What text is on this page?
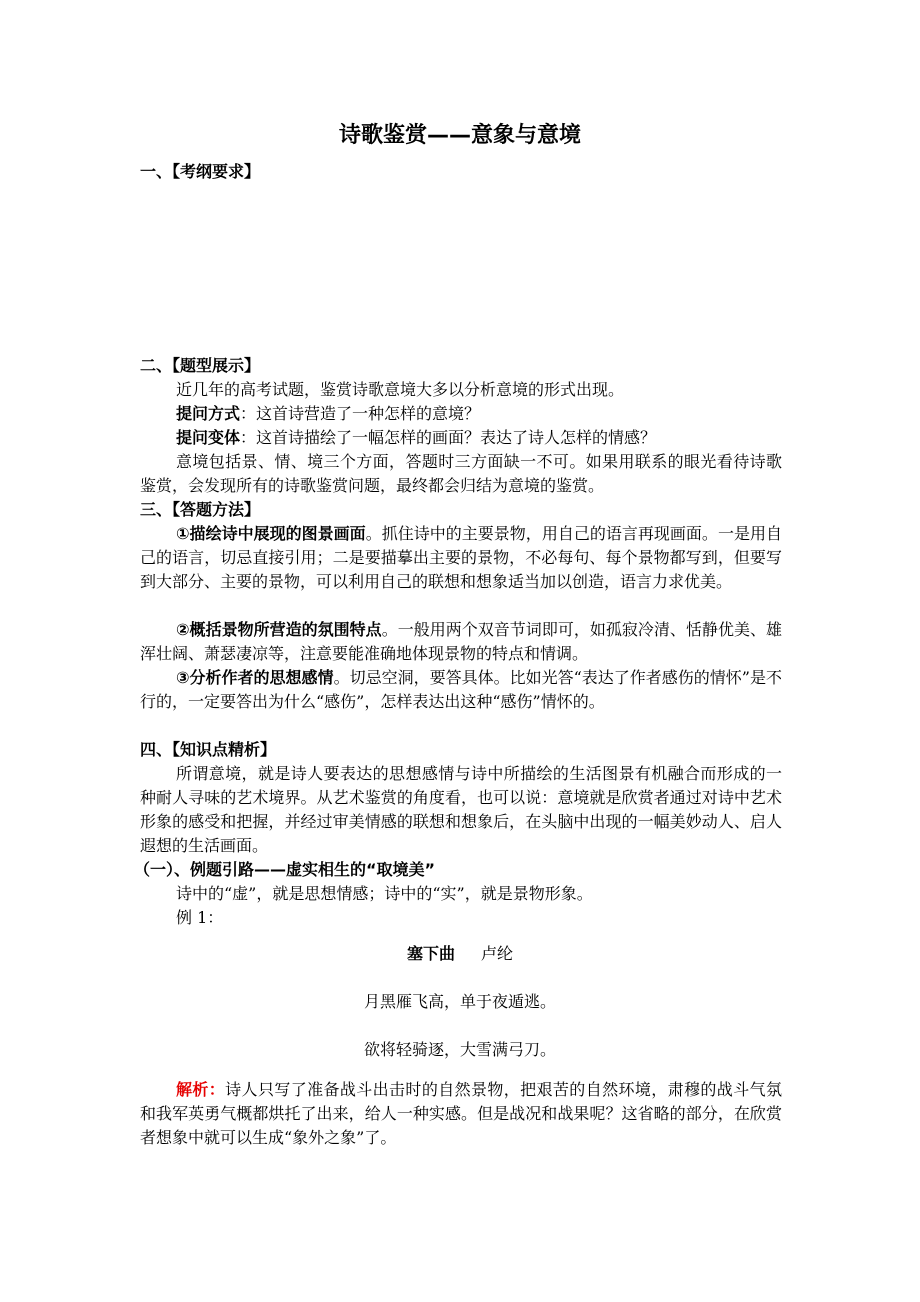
诗歌鉴赏——意象与意境
一、【考纲要求】
二、【题型展示】
近几年的高考试题，鉴赏诗歌意境大多以分析意境的形式出现。
提问方式：这首诗营造了一种怎样的意境？
提问变体：这首诗描绘了一幅怎样的画面？表达了诗人怎样的情感？
意境包括景、情、境三个方面，答题时三方面缺一不可。如果用联系的眼光看待诗歌鉴赏，会发现所有的诗歌鉴赏问题，最终都会归结为意境的鉴赏。
三、【答题方法】
①描绘诗中展现的图景画面。抓住诗中的主要景物，用自己的语言再现画面。一是用自己的语言，切忌直接引用；二是要描摹出主要的景物，不必每句、每个景物都写到，但要写到大部分、主要的景物，可以利用自己的联想和想象适当加以创造，语言力求优美。
②概括景物所营造的氛围特点。一般用两个双音节词即可，如孤寂冷清、恬静优美、雄浑壮阔、萧瑟凄凉等，注意要能准确地体现景物的特点和情调。
③分析作者的思想感情。切忌空洞，要答具体。比如光答“表达了作者感伤的情怀”是不行的，一定要答出为什么“感伤”，怎样表达出这种“感伤”情怀的。
四、【知识点精析】
所谓意境，就是诗人要表达的思想感情与诗中所描绘的生活图景有机融合而形成的一种耐人寻味的艺术境界。从艺术鉴赏的角度看，也可以说：意境就是欣赏者通过对诗中艺术形象的感受和把握，并经过审美情感的联想和想象后，在头脑中出现的一幅美妙动人、启人遐想的生活画面。
（一）、例题引路——虚实相生的“取境美”
诗中的“虚”，就是思想情感；诗中的“实”，就是景物形象。
例 1：
塞下曲 卢纶
月黑雁飞高，单于夜遁逃。
欲将轻骑逐，大雪满弓刀。
解析：诗人只写了准备战斗出击时的自然景物，把艰苦的自然环境，肃穆的战斗气氛和我军英勇气概都烘托了出来，给人一种实感。但是战况和战果呢？这省略的部分，在欣赏者想象中就可以生成“象外之象”了。
